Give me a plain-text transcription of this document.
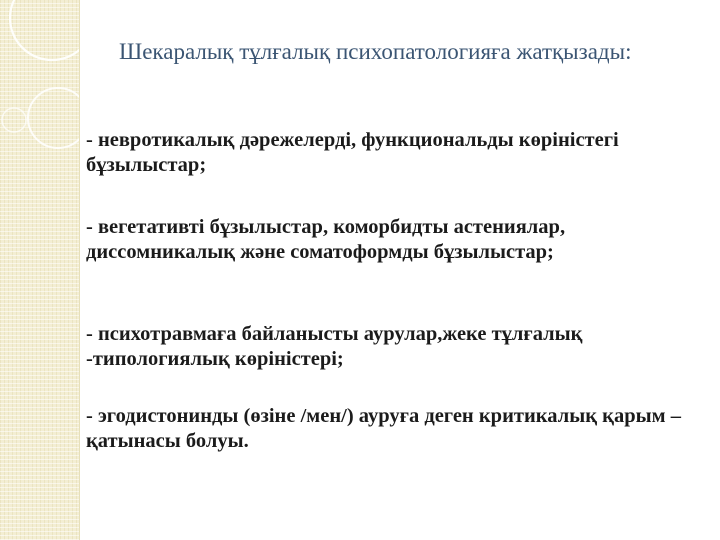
Шекаралық тұлғалық психопатологияға жатқызады:

- невротикалық дәрежелерді, функциональды көріністегі бұзылыстар;

- вегетативті бұзылыстар, коморбидты астениялар, диссомникалық және соматоформды бұзылыстар;

- психотравмаға байланысты аурулар,жеке тұлғалық -типологиялық көріністері;

- эгодистонинды (өзіне /мен/) ауруға деген критикалық қарым – қатынасы болуы.
